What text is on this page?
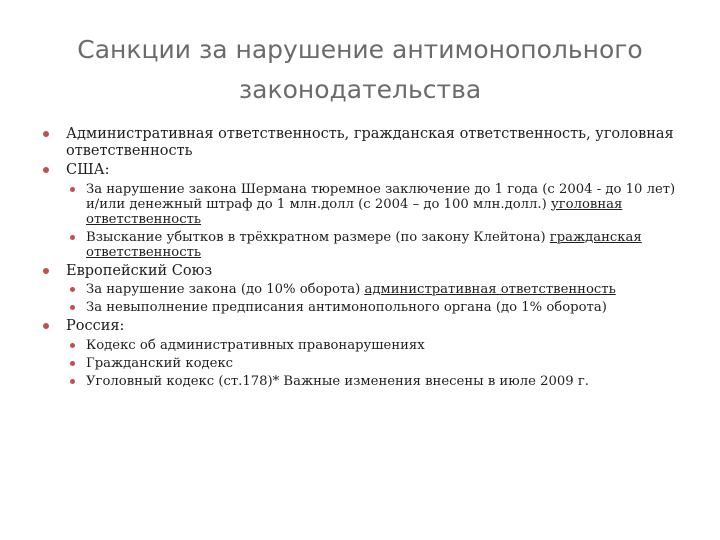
Санкции за нарушение антимонопольного
законодательства
Административная ответственность, гражданская ответственность, уголовная ответственность
США:
За нарушение закона Шермана тюремное заключение до 1 года (с 2004 - до 10 лет) и/или денежный штраф до 1 млн.долл (с 2004 – до 100 млн.долл.) уголовная ответственность
Взыскание убытков в трёхкратном размере (по закону Клейтона) гражданская ответственность
Европейский Союз
За нарушение закона (до 10% оборота) административная ответственность
За невыполнение предписания антимонопольного органа (до 1% оборота)
Россия:
Кодекс об административных правонарушениях
Гражданский кодекс
Уголовный кодекс (ст.178)* Важные изменения внесены в июле 2009 г.
